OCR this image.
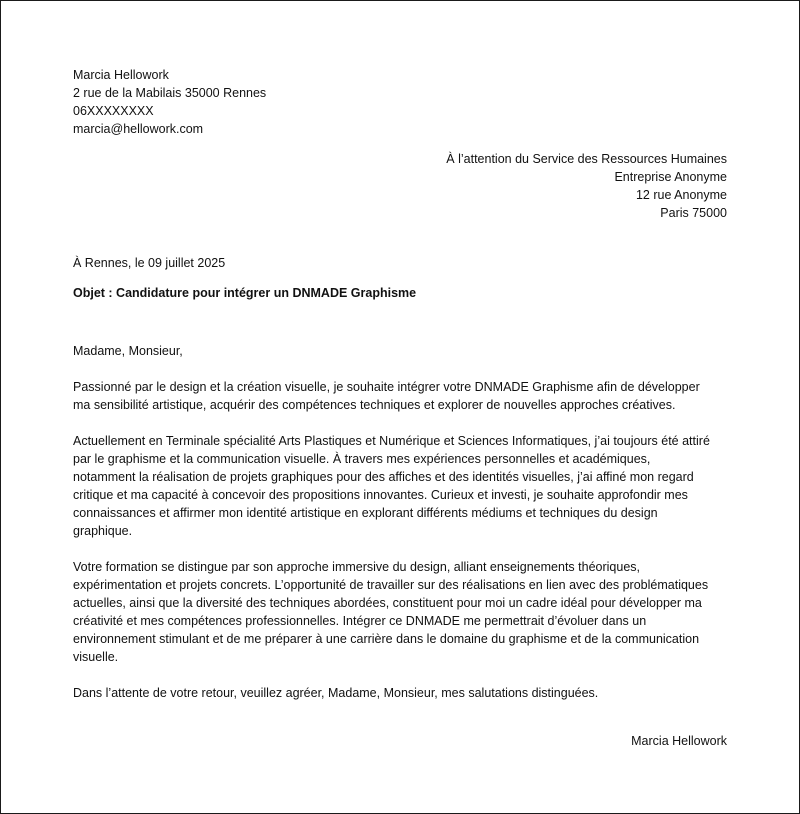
Marcia Hellowork
2 rue de la Mabilais 35000 Rennes
06XXXXXXXX
marcia@hellowork.com
À l’attention du Service des Ressources Humaines
Entreprise Anonyme
12 rue Anonyme
Paris 75000
À Rennes, le 09 juillet 2025
Objet : Candidature pour intégrer un DNMADE Graphisme
Madame, Monsieur,
Passionné par le design et la création visuelle, je souhaite intégrer votre DNMADE Graphisme afin de développer
ma sensibilité artistique, acquérir des compétences techniques et explorer de nouvelles approches créatives.
Actuellement en Terminale spécialité Arts Plastiques et Numérique et Sciences Informatiques, j’ai toujours été attiré
par le graphisme et la communication visuelle. À travers mes expériences personnelles et académiques,
notamment la réalisation de projets graphiques pour des affiches et des identités visuelles, j’ai affiné mon regard
critique et ma capacité à concevoir des propositions innovantes. Curieux et investi, je souhaite approfondir mes
connaissances et affirmer mon identité artistique en explorant différents médiums et techniques du design
graphique.
Votre formation se distingue par son approche immersive du design, alliant enseignements théoriques,
expérimentation et projets concrets. L’opportunité de travailler sur des réalisations en lien avec des problématiques
actuelles, ainsi que la diversité des techniques abordées, constituent pour moi un cadre idéal pour développer ma
créativité et mes compétences professionnelles. Intégrer ce DNMADE me permettrait d’évoluer dans un
environnement stimulant et de me préparer à une carrière dans le domaine du graphisme et de la communication
visuelle.
Dans l’attente de votre retour, veuillez agréer, Madame, Monsieur, mes salutations distinguées.
Marcia Hellowork
